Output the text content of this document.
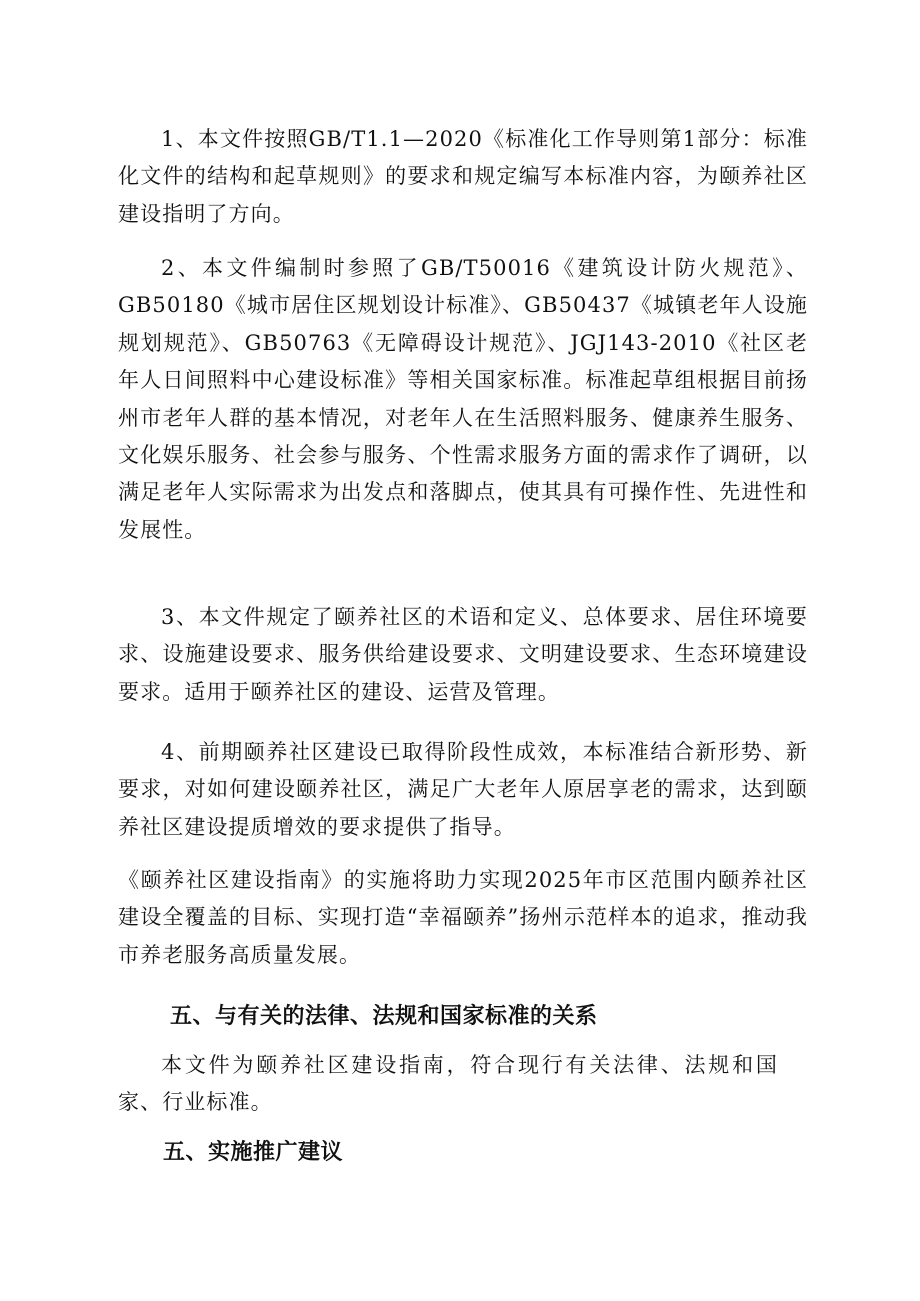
1、本文件按照GB/T1.1—2020《标准化工作导则第1部分：标准化文件的结构和起草规则》的要求和规定编写本标准内容，为颐养社区建设指明了方向。

2、本文件编制时参照了GB/T50016《建筑设计防火规范》、GB50180《城市居住区规划设计标准》、GB50437《城镇老年人设施规划规范》、GB50763《无障碍设计规范》、JGJ143-2010《社区老年人日间照料中心建设标准》等相关国家标准。标准起草组根据目前扬州市老年人群的基本情况，对老年人在生活照料服务、健康养生服务、文化娱乐服务、社会参与服务、个性需求服务方面的需求作了调研，以满足老年人实际需求为出发点和落脚点，使其具有可操作性、先进性和发展性。

3、本文件规定了颐养社区的术语和定义、总体要求、居住环境要求、设施建设要求、服务供给建设要求、文明建设要求、生态环境建设要求。适用于颐养社区的建设、运营及管理。

4、前期颐养社区建设已取得阶段性成效，本标准结合新形势、新要求，对如何建设颐养社区，满足广大老年人原居享老的需求，达到颐养社区建设提质增效的要求提供了指导。

《颐养社区建设指南》的实施将助力实现2025年市区范围内颐养社区建设全覆盖的目标、实现打造“幸福颐养”扬州示范样本的追求，推动我市养老服务高质量发展。

五、与有关的法律、法规和国家标准的关系

本文件为颐养社区建设指南，符合现行有关法律、法规和国家、行业标准。

五、实施推广建议
